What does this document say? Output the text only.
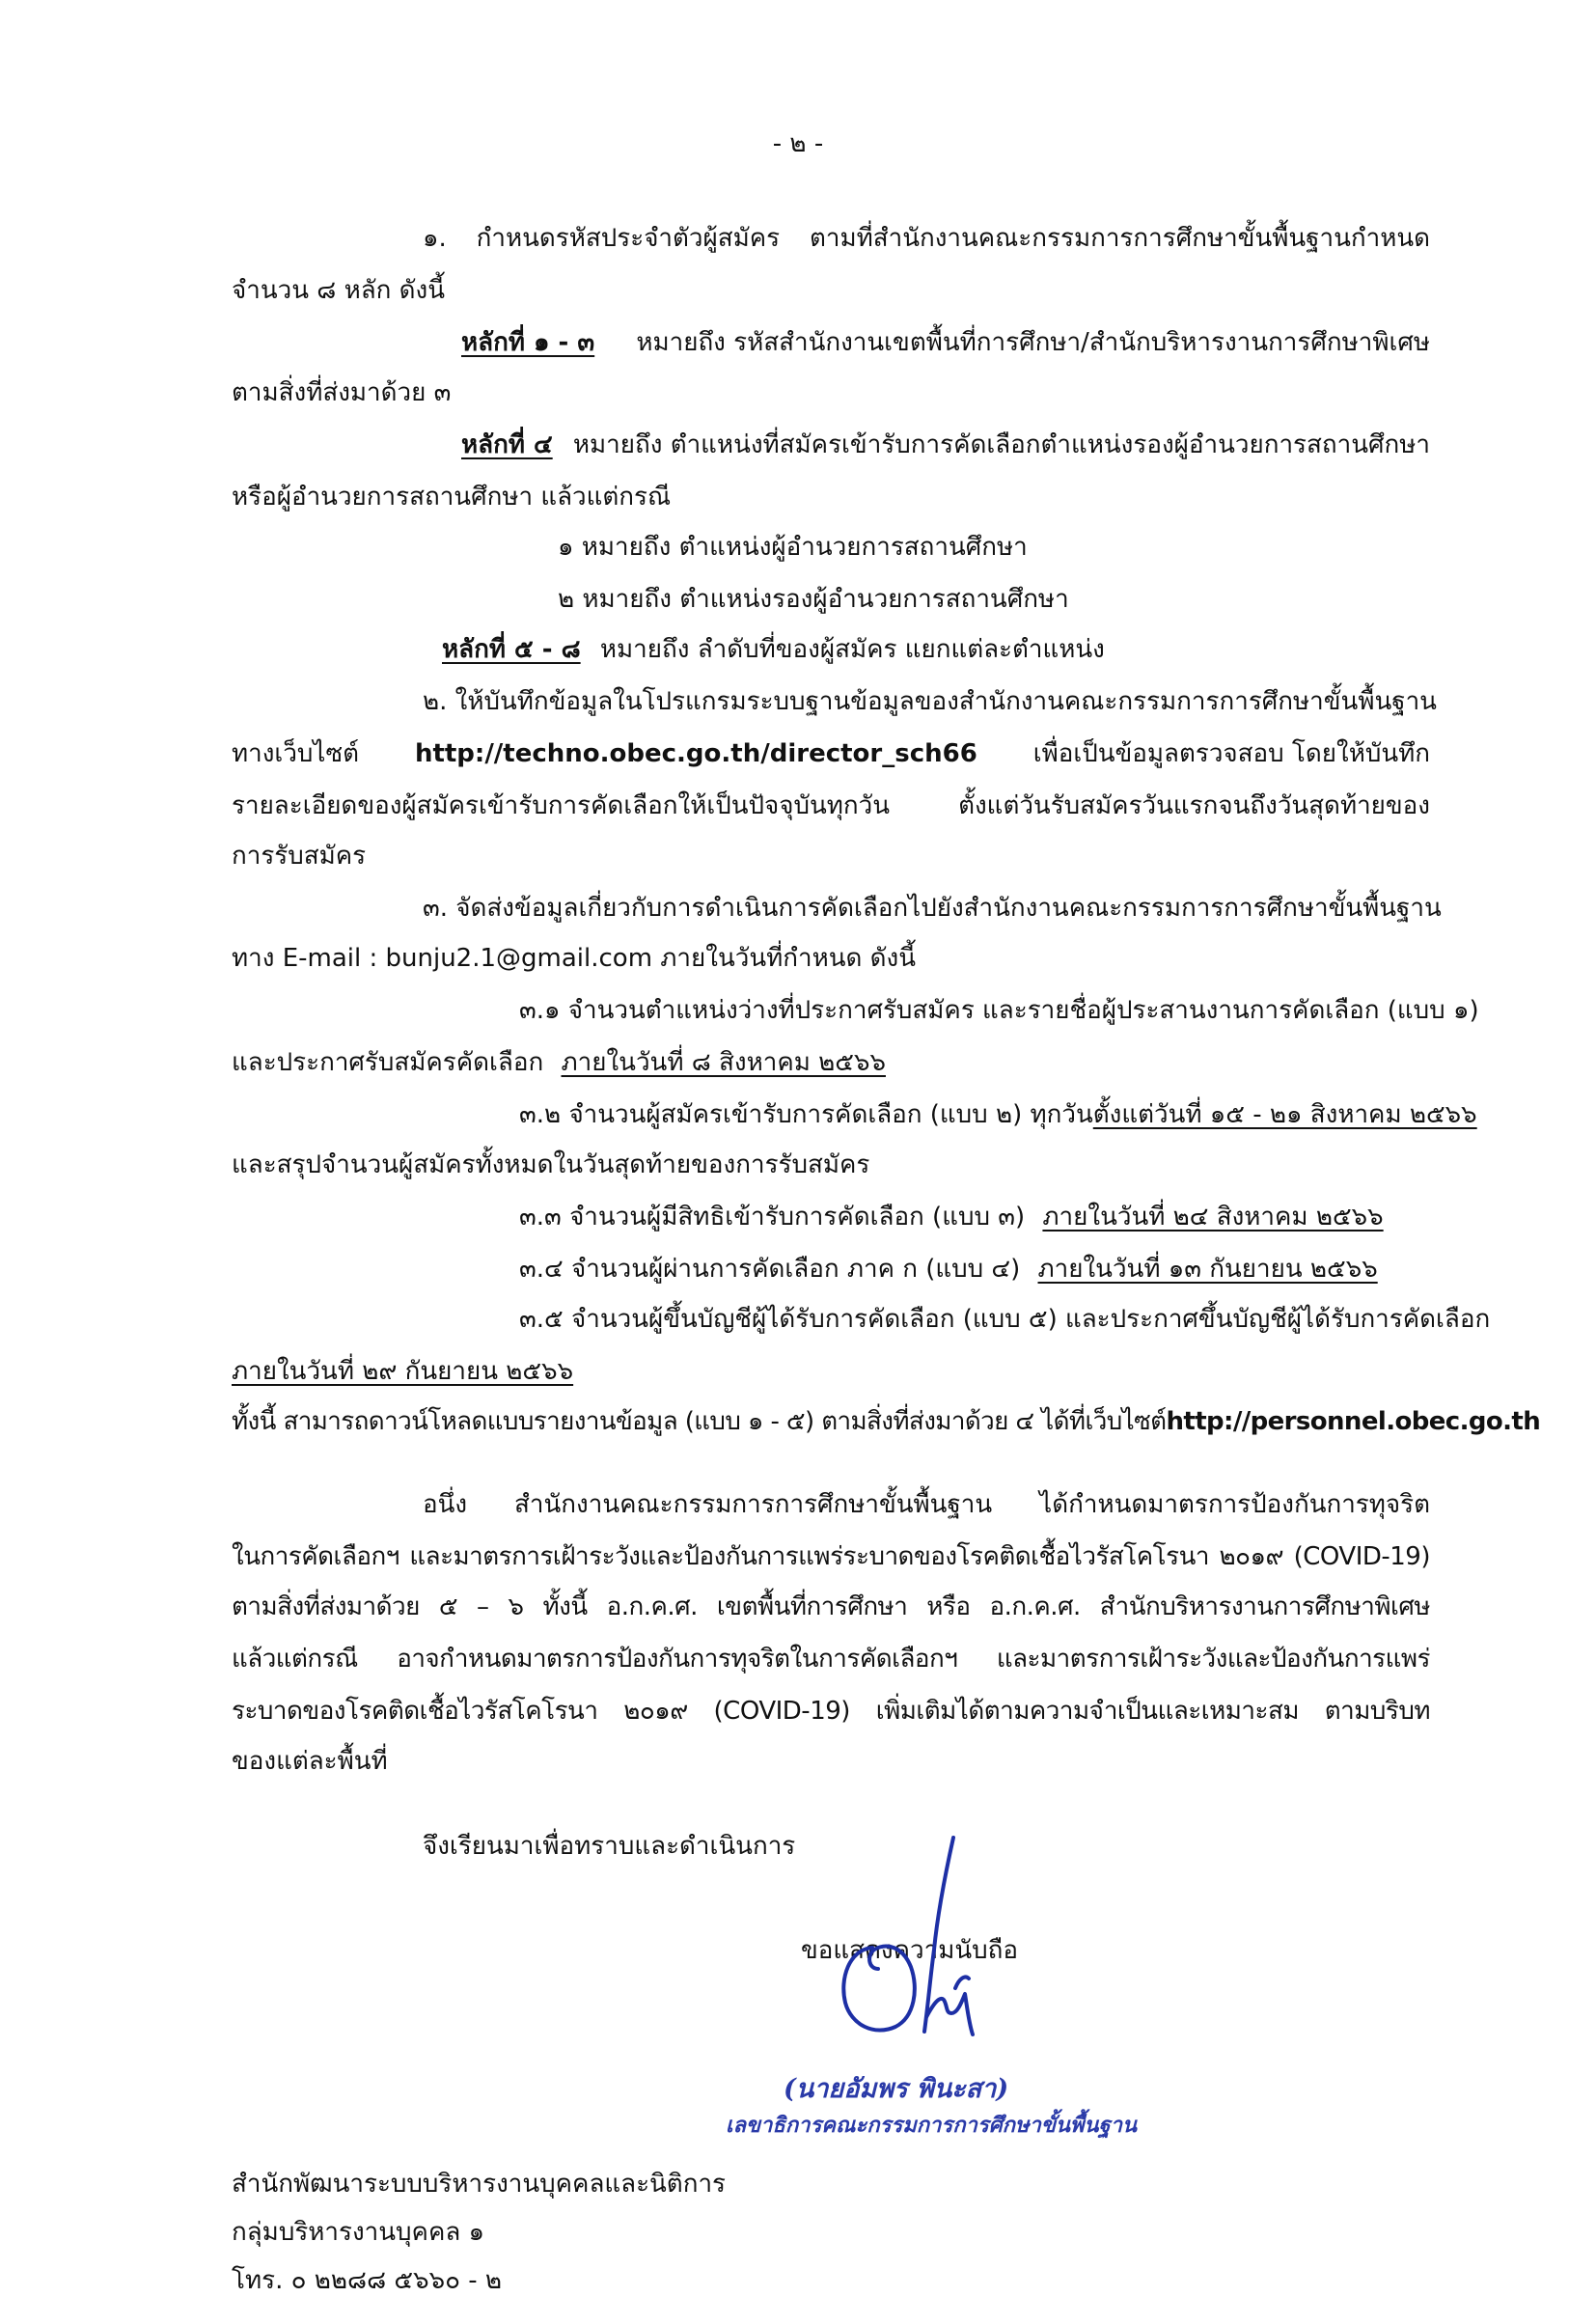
- ๒ -
๑. กำหนดรหัสประจำตัวผู้สมัคร ตามที่สำนักงานคณะกรรมการการศึกษาขั้นพื้นฐานกำหนด
จำนวน ๘ หลัก ดังนี้
หลักที่ ๑ - ๓ หมายถึง รหัสสำนักงานเขตพื้นที่การศึกษา/สำนักบริหารงานการศึกษาพิเศษ
ตามสิ่งที่ส่งมาด้วย ๓
หลักที่ ๔ หมายถึง ตำแหน่งที่สมัครเข้ารับการคัดเลือกตำแหน่งรองผู้อำนวยการสถานศึกษา
หรือผู้อำนวยการสถานศึกษา แล้วแต่กรณี
๑ หมายถึง ตำแหน่งผู้อำนวยการสถานศึกษา
๒ หมายถึง ตำแหน่งรองผู้อำนวยการสถานศึกษา
หลักที่ ๕ - ๘ หมายถึง ลำดับที่ของผู้สมัคร แยกแต่ละตำแหน่ง
๒. ให้บันทึกข้อมูลในโปรแกรมระบบฐานข้อมูลของสำนักงานคณะกรรมการการศึกษาขั้นพื้นฐาน
ทางเว็บไซต์ http://techno.obec.go.th/director_sch66 เพื่อเป็นข้อมูลตรวจสอบ โดยให้บันทึก
รายละเอียดของผู้สมัครเข้ารับการคัดเลือกให้เป็นปัจจุบันทุกวัน ตั้งแต่วันรับสมัครวันแรกจนถึงวันสุดท้ายของ
การรับสมัคร
๓. จัดส่งข้อมูลเกี่ยวกับการดำเนินการคัดเลือกไปยังสำนักงานคณะกรรมการการศึกษาขั้นพื้นฐาน
ทาง E-mail : bunju2.1@gmail.com ภายในวันที่กำหนด ดังนี้
๓.๑ จำนวนตำแหน่งว่างที่ประกาศรับสมัคร และรายชื่อผู้ประสานงานการคัดเลือก (แบบ ๑)
และประกาศรับสมัครคัดเลือก ภายในวันที่ ๘ สิงหาคม ๒๕๖๖
๓.๒ จำนวนผู้สมัครเข้ารับการคัดเลือก (แบบ ๒) ทุกวัน ตั้งแต่วันที่ ๑๕ - ๒๑ สิงหาคม ๒๕๖๖
และสรุปจำนวนผู้สมัครทั้งหมดในวันสุดท้ายของการรับสมัคร
๓.๓ จำนวนผู้มีสิทธิเข้ารับการคัดเลือก (แบบ ๓) ภายในวันที่ ๒๔ สิงหาคม ๒๕๖๖
๓.๔ จำนวนผู้ผ่านการคัดเลือก ภาค ก (แบบ ๔) ภายในวันที่ ๑๓ กันยายน ๒๕๖๖
๓.๕ จำนวนผู้ขึ้นบัญชีผู้ได้รับการคัดเลือก (แบบ ๕) และประกาศขึ้นบัญชีผู้ได้รับการคัดเลือก
ภายในวันที่ ๒๙ กันยายน ๒๕๖๖
ทั้งนี้ สามารถดาวน์โหลดแบบรายงานข้อมูล (แบบ ๑ - ๕) ตามสิ่งที่ส่งมาด้วย ๔ ได้ที่เว็บไซต์ http://personnel.obec.go.th
อนึ่ง สำนักงานคณะกรรมการการศึกษาขั้นพื้นฐาน ได้กำหนดมาตรการป้องกันการทุจริต
ในการคัดเลือกฯ และมาตรการเฝ้าระวังและป้องกันการแพร่ระบาดของโรคติดเชื้อไวรัสโคโรนา ๒๐๑๙ (COVID-19)
ตามสิ่งที่ส่งมาด้วย ๕ – ๖ ทั้งนี้ อ.ก.ค.ศ. เขตพื้นที่การศึกษา หรือ อ.ก.ค.ศ. สำนักบริหารงานการศึกษาพิเศษ
แล้วแต่กรณี อาจกำหนดมาตรการป้องกันการทุจริตในการคัดเลือกฯ และมาตรการเฝ้าระวังและป้องกันการแพร่
ระบาดของโรคติดเชื้อไวรัสโคโรนา ๒๐๑๙ (COVID-19) เพิ่มเติมได้ตามความจำเป็นและเหมาะสม ตามบริบท
ของแต่ละพื้นที่
จึงเรียนมาเพื่อทราบและดำเนินการ
ขอแสดงความนับถือ
(นายอัมพร พินะสา)
เลขาธิการคณะกรรมการการศึกษาขั้นพื้นฐาน
สำนักพัฒนาระบบบริหารงานบุคคลและนิติการ
กลุ่มบริหารงานบุคคล ๑
โทร. ๐ ๒๒๘๘ ๕๖๖๐ - ๒
